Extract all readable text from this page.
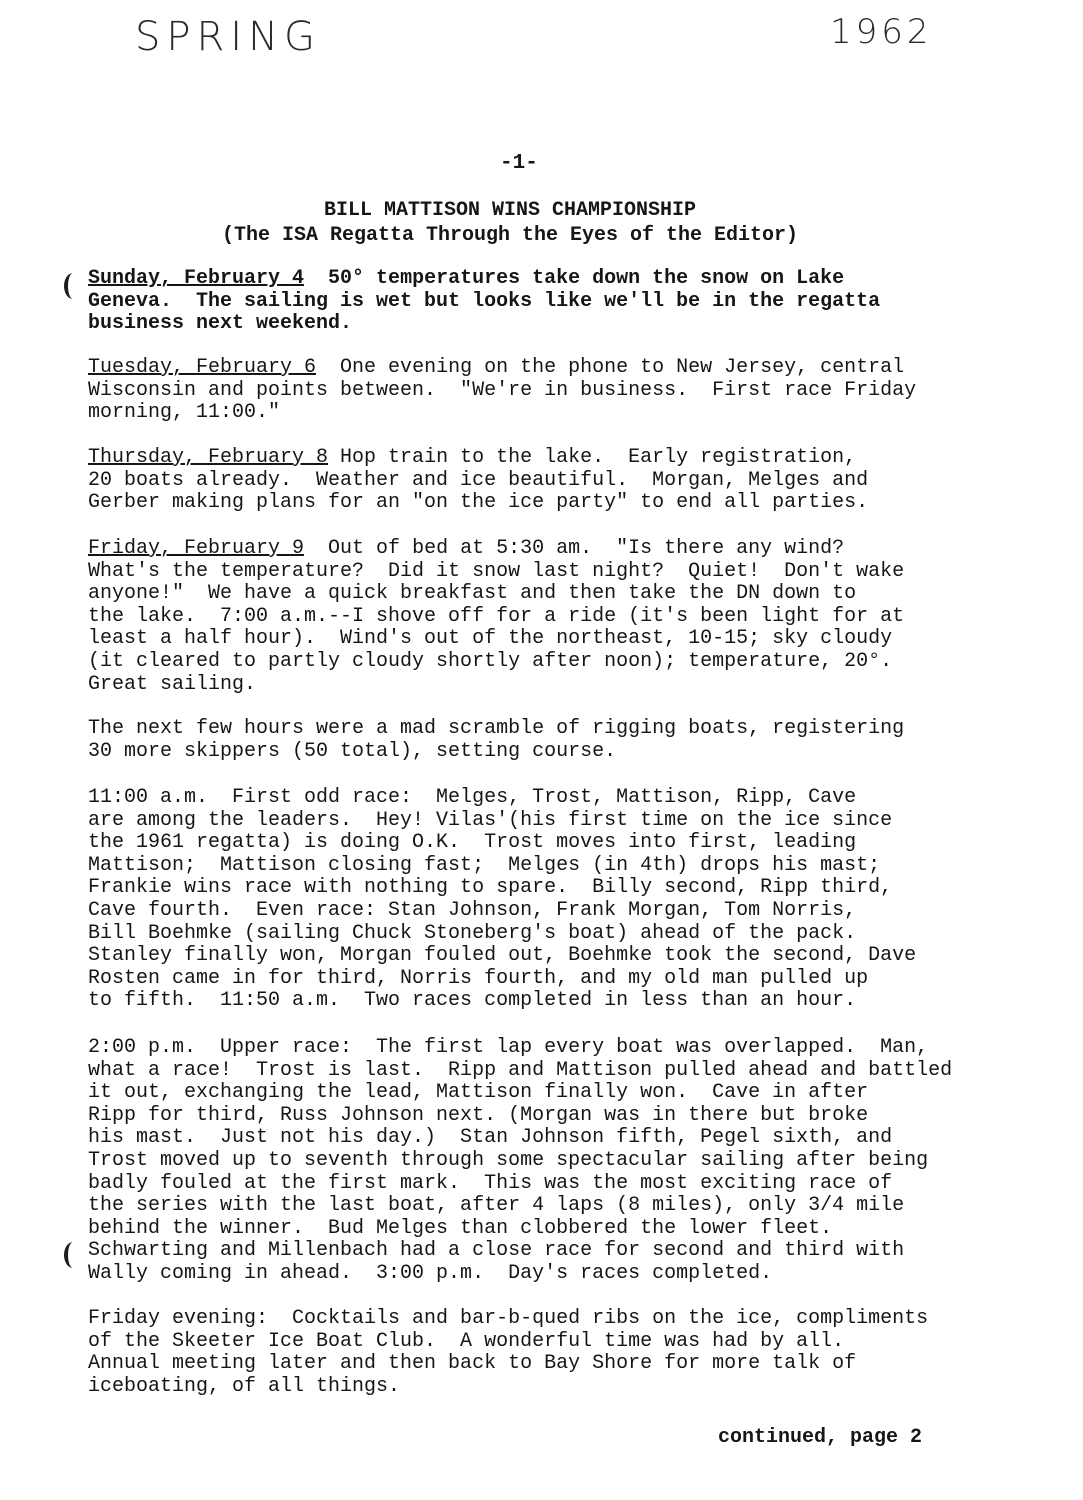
SPRING	1962
-1-
BILL MATTISON WINS CHAMPIONSHIP
(The ISA Regatta Through the Eyes of the Editor)
Sunday, February 4  50° temperatures take down the snow on Lake
Geneva.  The sailing is wet but looks like we'll be in the regatta
business next weekend.
Tuesday, February 6  One evening on the phone to New Jersey, central
Wisconsin and points between.  "We're in business.  First race Friday
morning, 11:00."
Thursday, February 8 Hop train to the lake.  Early registration,
20 boats already.  Weather and ice beautiful.  Morgan, Melges and
Gerber making plans for an "on the ice party" to end all parties.
Friday, February 9  Out of bed at 5:30 am.  "Is there any wind?
What's the temperature?  Did it snow last night?  Quiet!  Don't wake
anyone!"  We have a quick breakfast and then take the DN down to
the lake.  7:00 a.m.--I shove off for a ride (it's been light for at
least a half hour).  Wind's out of the northeast, 10-15; sky cloudy
(it cleared to partly cloudy shortly after noon); temperature, 20°.
Great sailing.
The next few hours were a mad scramble of rigging boats, registering
30 more skippers (50 total), setting course.
11:00 a.m.  First odd race:  Melges, Trost, Mattison, Ripp, Cave
are among the leaders.  Hey! Vilas'(his first time on the ice since
the 1961 regatta) is doing O.K.  Trost moves into first, leading
Mattison;  Mattison closing fast;  Melges (in 4th) drops his mast;
Frankie wins race with nothing to spare.  Billy second, Ripp third,
Cave fourth.  Even race: Stan Johnson, Frank Morgan, Tom Norris,
Bill Boehmke (sailing Chuck Stoneberg's boat) ahead of the pack.
Stanley finally won, Morgan fouled out, Boehmke took the second, Dave
Rosten came in for third, Norris fourth, and my old man pulled up
to fifth.  11:50 a.m.  Two races completed in less than an hour.
2:00 p.m.  Upper race:  The first lap every boat was overlapped.  Man,
what a race!  Trost is last.  Ripp and Mattison pulled ahead and battled
it out, exchanging the lead, Mattison finally won.  Cave in after
Ripp for third, Russ Johnson next. (Morgan was in there but broke
his mast.  Just not his day.)  Stan Johnson fifth, Pegel sixth, and
Trost moved up to seventh through some spectacular sailing after being
badly fouled at the first mark.  This was the most exciting race of
the series with the last boat, after 4 laps (8 miles), only 3/4 mile
behind the winner.  Bud Melges than clobbered the lower fleet.
Schwarting and Millenbach had a close race for second and third with
Wally coming in ahead.  3:00 p.m.  Day's races completed.
Friday evening:  Cocktails and bar-b-qued ribs on the ice, compliments
of the Skeeter Ice Boat Club.  A wonderful time was had by all.
Annual meeting later and then back to Bay Shore for more talk of
iceboating, of all things.
continued, page 2
